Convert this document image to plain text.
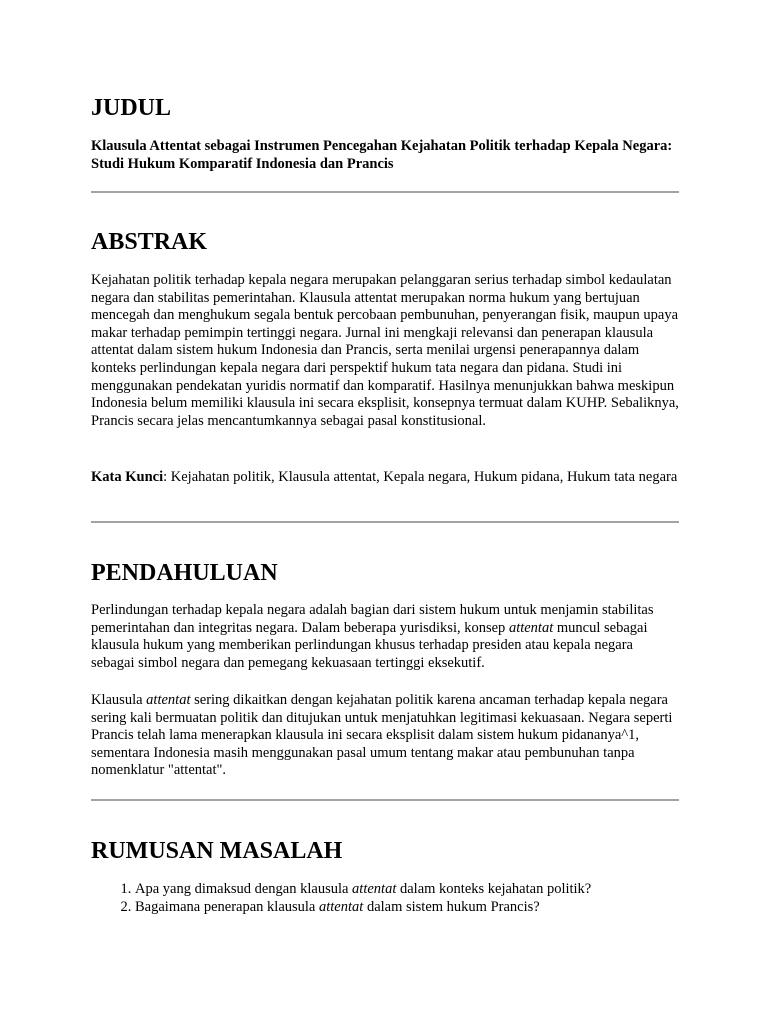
JUDUL

Klausula Attentat sebagai Instrumen Pencegahan Kejahatan Politik terhadap Kepala Negara: Studi Hukum Komparatif Indonesia dan Prancis

ABSTRAK

Kejahatan politik terhadap kepala negara merupakan pelanggaran serius terhadap simbol kedaulatan negara dan stabilitas pemerintahan. Klausula attentat merupakan norma hukum yang bertujuan mencegah dan menghukum segala bentuk percobaan pembunuhan, penyerangan fisik, maupun upaya makar terhadap pemimpin tertinggi negara. Jurnal ini mengkaji relevansi dan penerapan klausula attentat dalam sistem hukum Indonesia dan Prancis, serta menilai urgensi penerapannya dalam konteks perlindungan kepala negara dari perspektif hukum tata negara dan pidana. Studi ini menggunakan pendekatan yuridis normatif dan komparatif. Hasilnya menunjukkan bahwa meskipun Indonesia belum memiliki klausula ini secara eksplisit, konsepnya termuat dalam KUHP. Sebaliknya, Prancis secara jelas mencantumkannya sebagai pasal konstitusional.

Kata Kunci: Kejahatan politik, Klausula attentat, Kepala negara, Hukum pidana, Hukum tata negara

PENDAHULUAN

Perlindungan terhadap kepala negara adalah bagian dari sistem hukum untuk menjamin stabilitas pemerintahan dan integritas negara. Dalam beberapa yurisdiksi, konsep attentat muncul sebagai klausula hukum yang memberikan perlindungan khusus terhadap presiden atau kepala negara sebagai simbol negara dan pemegang kekuasaan tertinggi eksekutif.

Klausula attentat sering dikaitkan dengan kejahatan politik karena ancaman terhadap kepala negara sering kali bermuatan politik dan ditujukan untuk menjatuhkan legitimasi kekuasaan. Negara seperti Prancis telah lama menerapkan klausula ini secara eksplisit dalam sistem hukum pidananya^1, sementara Indonesia masih menggunakan pasal umum tentang makar atau pembunuhan tanpa nomenklatur "attentat".

RUMUSAN MASALAH
1. Apa yang dimaksud dengan klausula attentat dalam konteks kejahatan politik?
2. Bagaimana penerapan klausula attentat dalam sistem hukum Prancis?
